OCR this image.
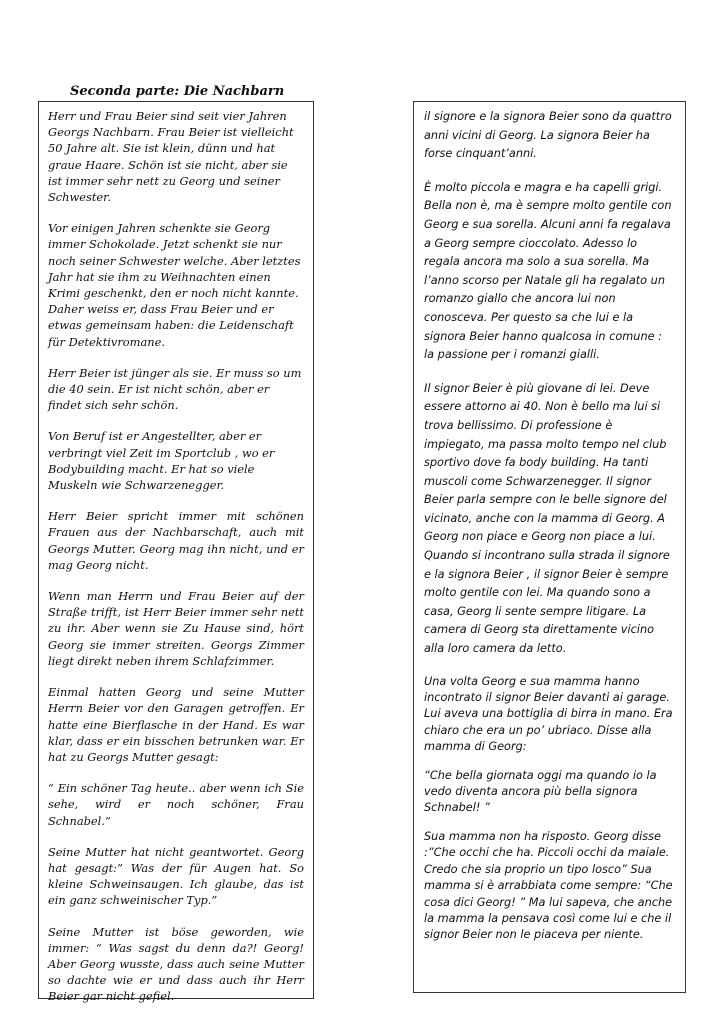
Seconda parte: Die Nachbarn

Herr und Frau Beier sind seit vier Jahren Georgs Nachbarn. Frau Beier ist vielleicht 50 Jahre alt. Sie ist klein, dünn und hat graue Haare. Schön ist sie nicht, aber sie ist immer sehr nett zu Georg und seiner Schwester.

Vor einigen Jahren schenkte sie Georg immer Schokolade. Jetzt schenkt sie nur noch seiner Schwester welche. Aber letztes Jahr hat sie ihm zu Weihnachten einen Krimi geschenkt, den er noch nicht kannte. Daher weiss er, dass Frau Beier und er etwas gemeinsam haben: die Leidenschaft für Detektivromane.

Herr Beier ist jünger als sie. Er muss so um die 40 sein. Er ist nicht schön, aber er findet sich sehr schön.

Von Beruf ist er Angestellter, aber er verbringt viel Zeit im Sportclub , wo er Bodybuilding macht. Er hat so viele Muskeln wie Schwarzenegger.

Herr Beier spricht immer mit schönen Frauen aus der Nachbarschaft, auch mit Georgs Mutter. Georg mag ihn nicht, und er mag Georg nicht.

Wenn man Herrn und Frau Beier auf der Straße trifft, ist Herr Beier immer sehr nett zu ihr. Aber wenn sie Zu Hause sind, hört Georg sie immer streiten. Georgs Zimmer liegt direkt neben ihrem Schlafzimmer.

Einmal hatten Georg und seine Mutter Herrn Beier vor den Garagen getroffen. Er hatte eine Bierflasche in der Hand. Es war klar, dass er ein bisschen betrunken war. Er hat zu Georgs Mutter gesagt:

“ Ein schöner Tag heute.. aber wenn ich Sie sehe, wird er noch schöner, Frau Schnabel.”

Seine Mutter hat nicht geantwortet. Georg hat gesagt:” Was der für Augen hat. So kleine Schweinsaugen. Ich glaube, das ist ein ganz schweinischer Typ.”

Seine Mutter ist böse geworden, wie immer: “ Was sagst du denn da?! Georg! Aber Georg wusste, dass auch seine Mutter so dachte wie er und dass auch ihr Herr Beier gar nicht gefiel.

il signore e la signora Beier sono da quattro anni vicini di Georg. La signora Beier ha forse cinquant’anni.

È molto piccola e magra e ha capelli grigi. Bella non è, ma è sempre molto gentile con Georg e sua sorella. Alcuni anni fa regalava a Georg sempre cioccolato. Adesso lo regala ancora ma solo a sua sorella. Ma l’anno scorso per Natale gli ha regalato un romanzo giallo che ancora lui non conosceva. Per questo sa che lui e la signora Beier hanno qualcosa in comune : la passione per i romanzi gialli.

Il signor Beier è più giovane di lei. Deve essere attorno ai 40. Non è bello ma lui si trova bellissimo. Di professione è impiegato, ma passa molto tempo nel club sportivo dove fa body building. Ha tanti muscoli come Schwarzenegger. Il signor Beier parla sempre con le belle signore del vicinato, anche con la mamma di Georg. A Georg non piace e Georg non piace a lui. Quando si incontrano sulla strada il signore e la signora Beier , il signor Beier è sempre molto gentile con lei. Ma quando sono a casa, Georg li sente sempre litigare. La camera di Georg sta direttamente vicino alla loro camera da letto.

Una volta Georg e sua mamma hanno incontrato il signor Beier davanti ai garage. Lui aveva una bottiglia di birra in mano. Era chiaro che era un po’ ubriaco. Disse alla mamma di Georg:

“Che bella giornata oggi ma quando io la vedo diventa ancora più bella signora Schnabel! ”

Sua mamma non ha risposto. Georg disse :”Che occhi che ha. Piccoli occhi da maiale. Credo che sia proprio un tipo losco” Sua mamma si è arrabbiata come sempre: “Che cosa dici Georg! ” Ma lui sapeva, che anche la mamma la pensava così come lui e che il signor Beier non le piaceva per niente.
